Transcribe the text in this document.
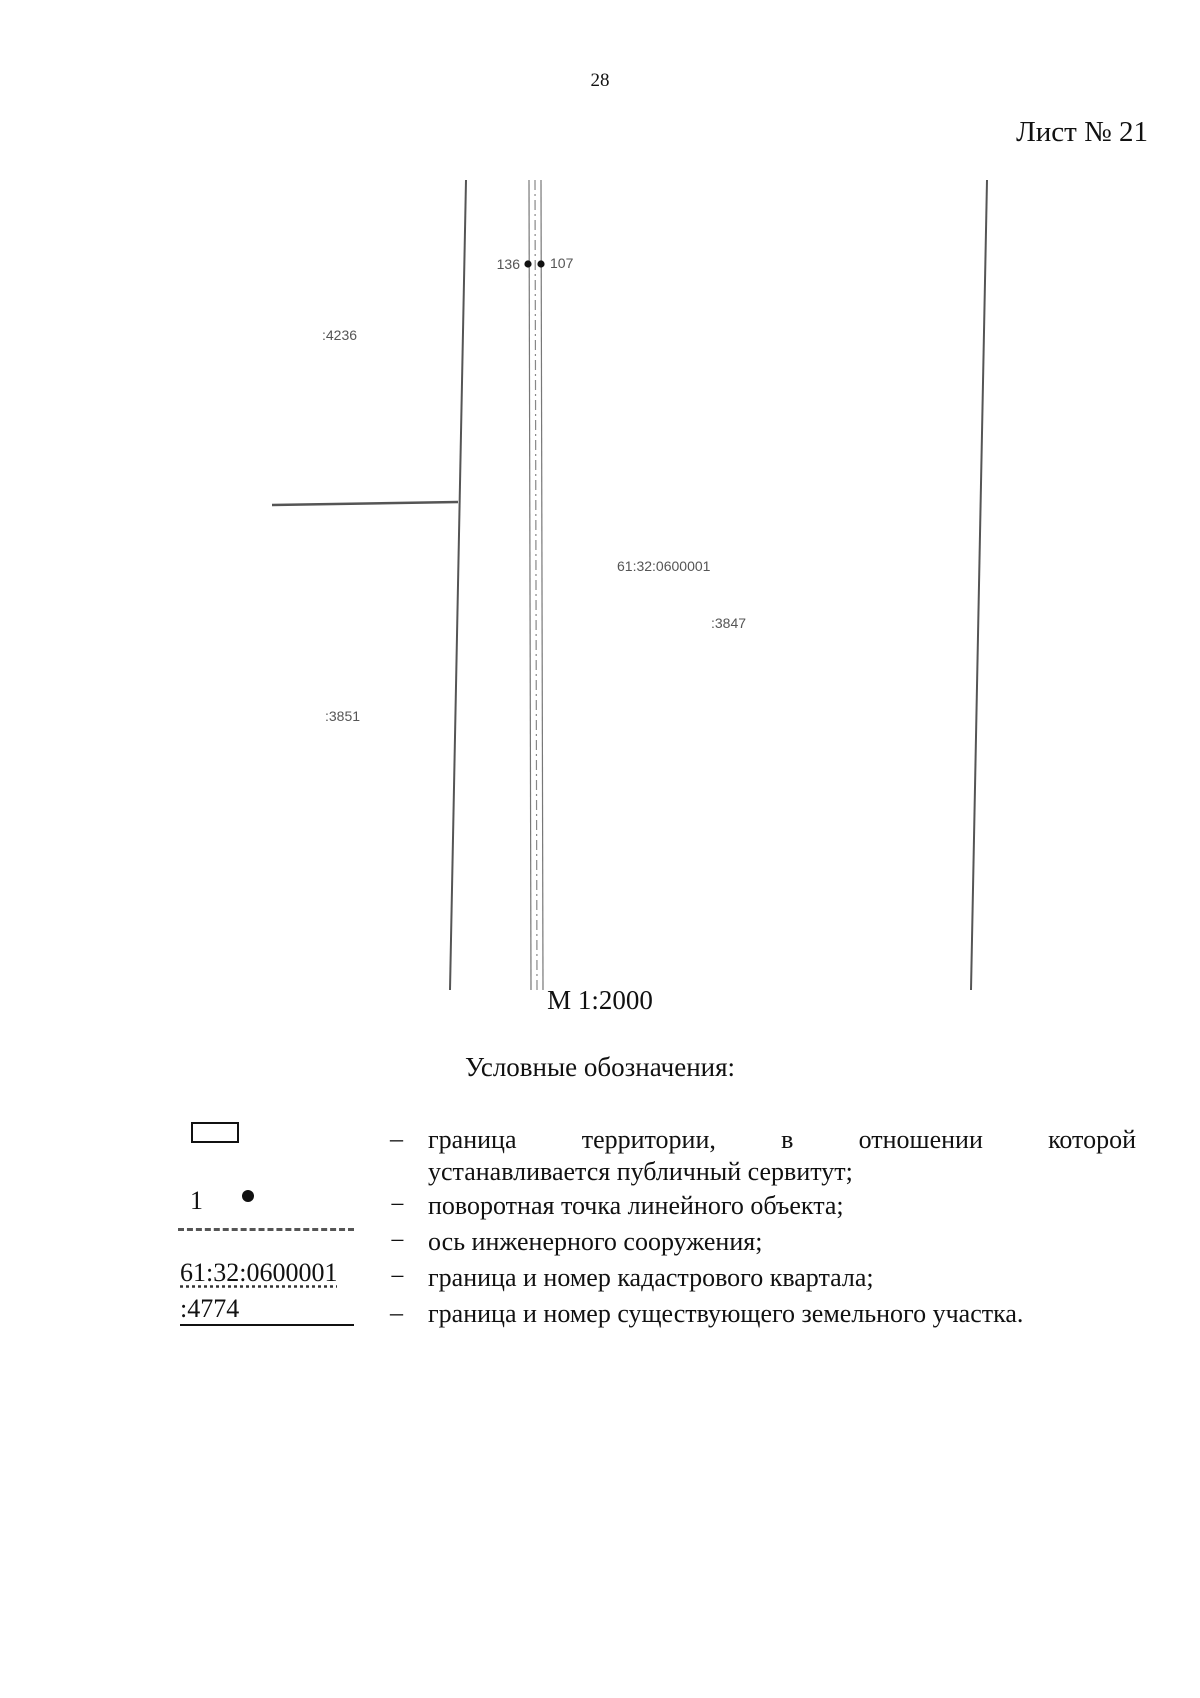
28
Лист № 21
136 107
:4236
61:32:0600001
:3847
:3851
М 1:2000
Условные обозначения:
– граница территории, в отношении которой
устанавливается публичный сервитут;
1	− поворотная точка линейного объекта;
− ось инженерного сооружения;
61:32:0600001 − граница и номер кадастрового квартала;
:4774	– граница и номер существующего земельного участка.
